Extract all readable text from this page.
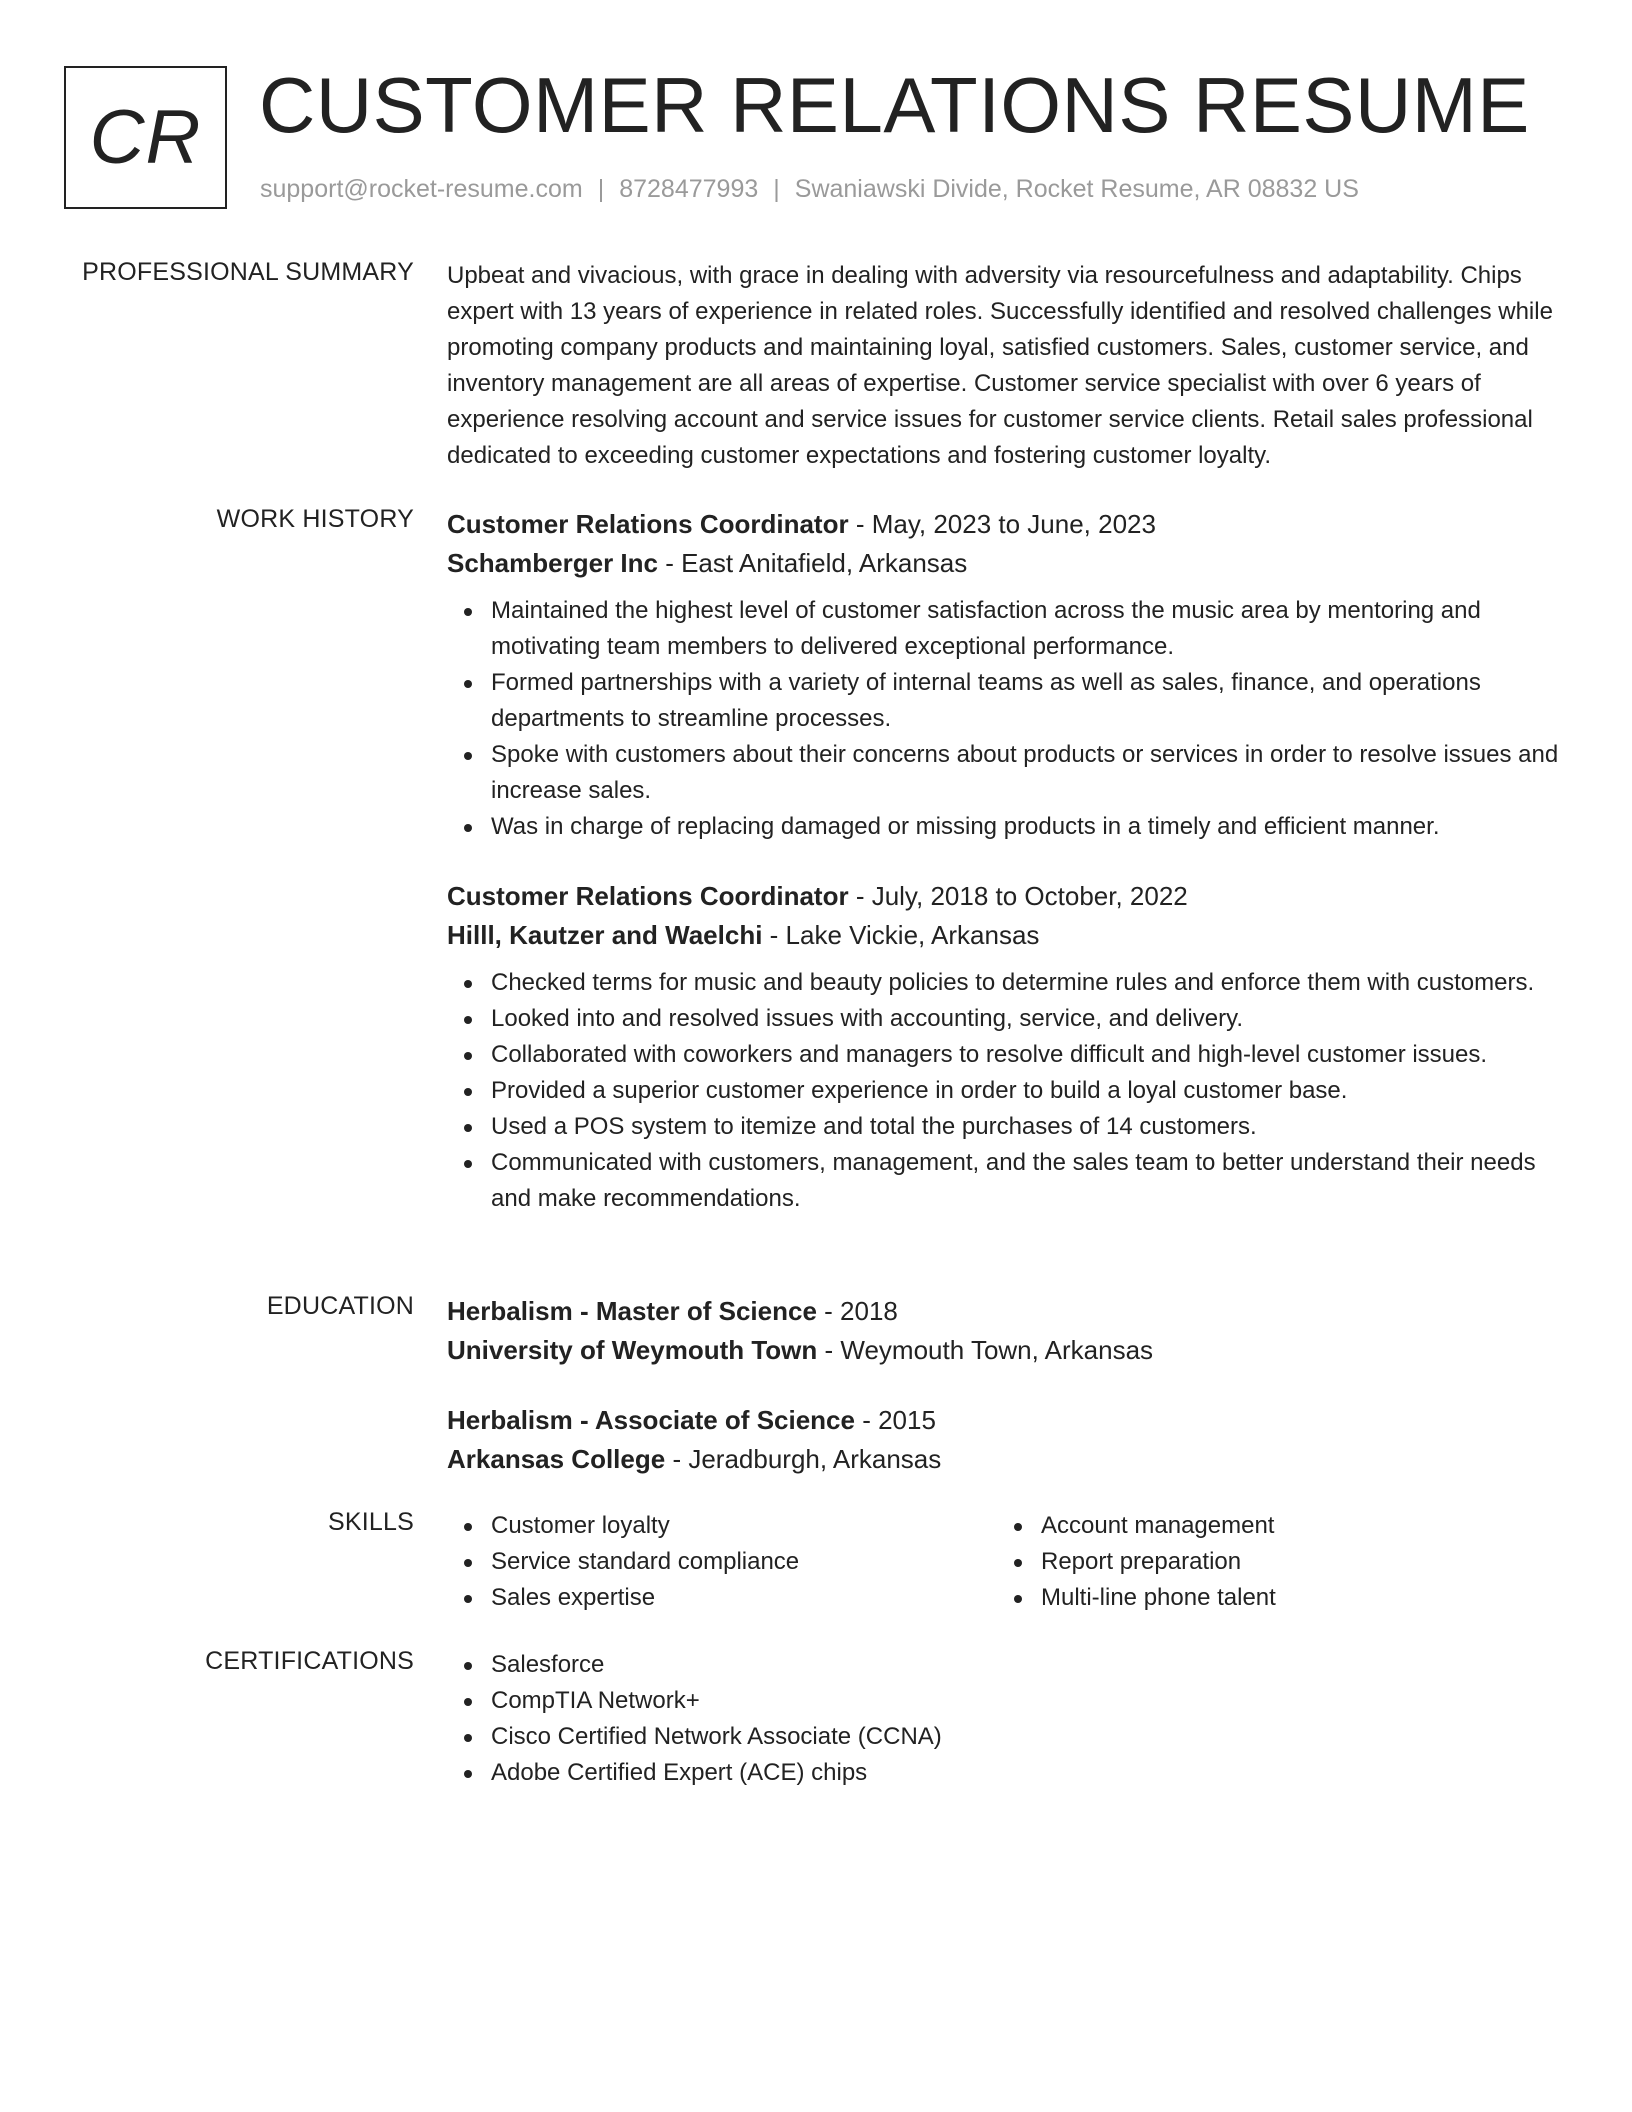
CR CUSTOMER RELATIONS RESUME
support@rocket-resume.com | 8728477993 | Swaniawski Divide, Rocket Resume, AR 08832 US
PROFESSIONAL SUMMARY Upbeat and vivacious, with grace in dealing with adversity via resourcefulness and adaptability. Chips expert with 13 years of experience in related roles. Successfully identified and resolved challenges while promoting company products and maintaining loyal, satisfied customers. Sales, customer service, and inventory management are all areas of expertise. Customer service specialist with over 6 years of experience resolving account and service issues for customer service clients. Retail sales professional dedicated to exceeding customer expectations and fostering customer loyalty.
WORK HISTORY Customer Relations Coordinator - May, 2023 to June, 2023
Schamberger Inc - East Anitafield, Arkansas
Maintained the highest level of customer satisfaction across the music area by mentoring and motivating team members to delivered exceptional performance.
Formed partnerships with a variety of internal teams as well as sales, finance, and operations departments to streamline processes.
Spoke with customers about their concerns about products or services in order to resolve issues and increase sales.
Was in charge of replacing damaged or missing products in a timely and efficient manner.
Customer Relations Coordinator - July, 2018 to October, 2022
Hilll, Kautzer and Waelchi - Lake Vickie, Arkansas
Checked terms for music and beauty policies to determine rules and enforce them with customers.
Looked into and resolved issues with accounting, service, and delivery.
Collaborated with coworkers and managers to resolve difficult and high-level customer issues.
Provided a superior customer experience in order to build a loyal customer base.
Used a POS system to itemize and total the purchases of 14 customers.
Communicated with customers, management, and the sales team to better understand their needs and make recommendations.
EDUCATION Herbalism - Master of Science - 2018
University of Weymouth Town - Weymouth Town, Arkansas
Herbalism - Associate of Science - 2015
Arkansas College - Jeradburgh, Arkansas
SKILLS	Customer loyalty
Service standard compliance
Sales expertise
Account management
Report preparation
Multi-line phone talent
CERTIFICATIONS	Salesforce
CompTIA Network+
Cisco Certified Network Associate (CCNA)
Adobe Certified Expert (ACE) chips
